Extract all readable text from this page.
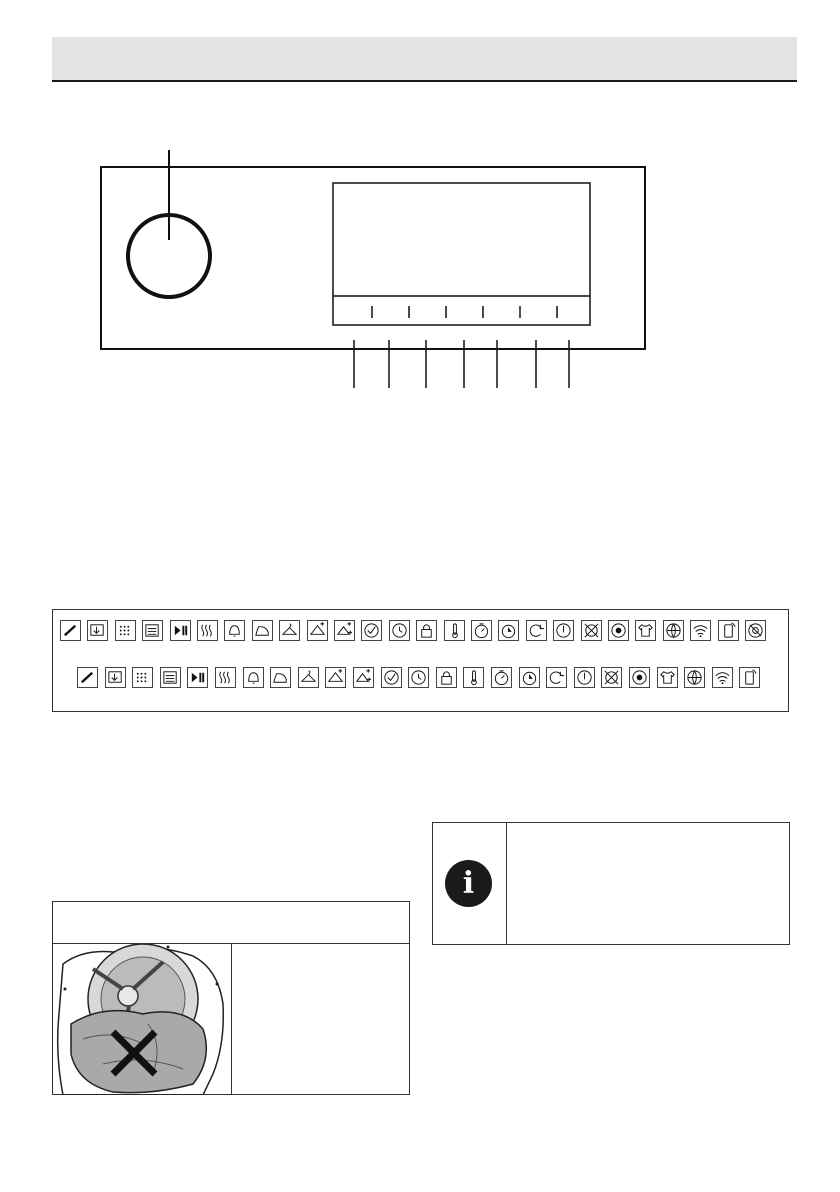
i
